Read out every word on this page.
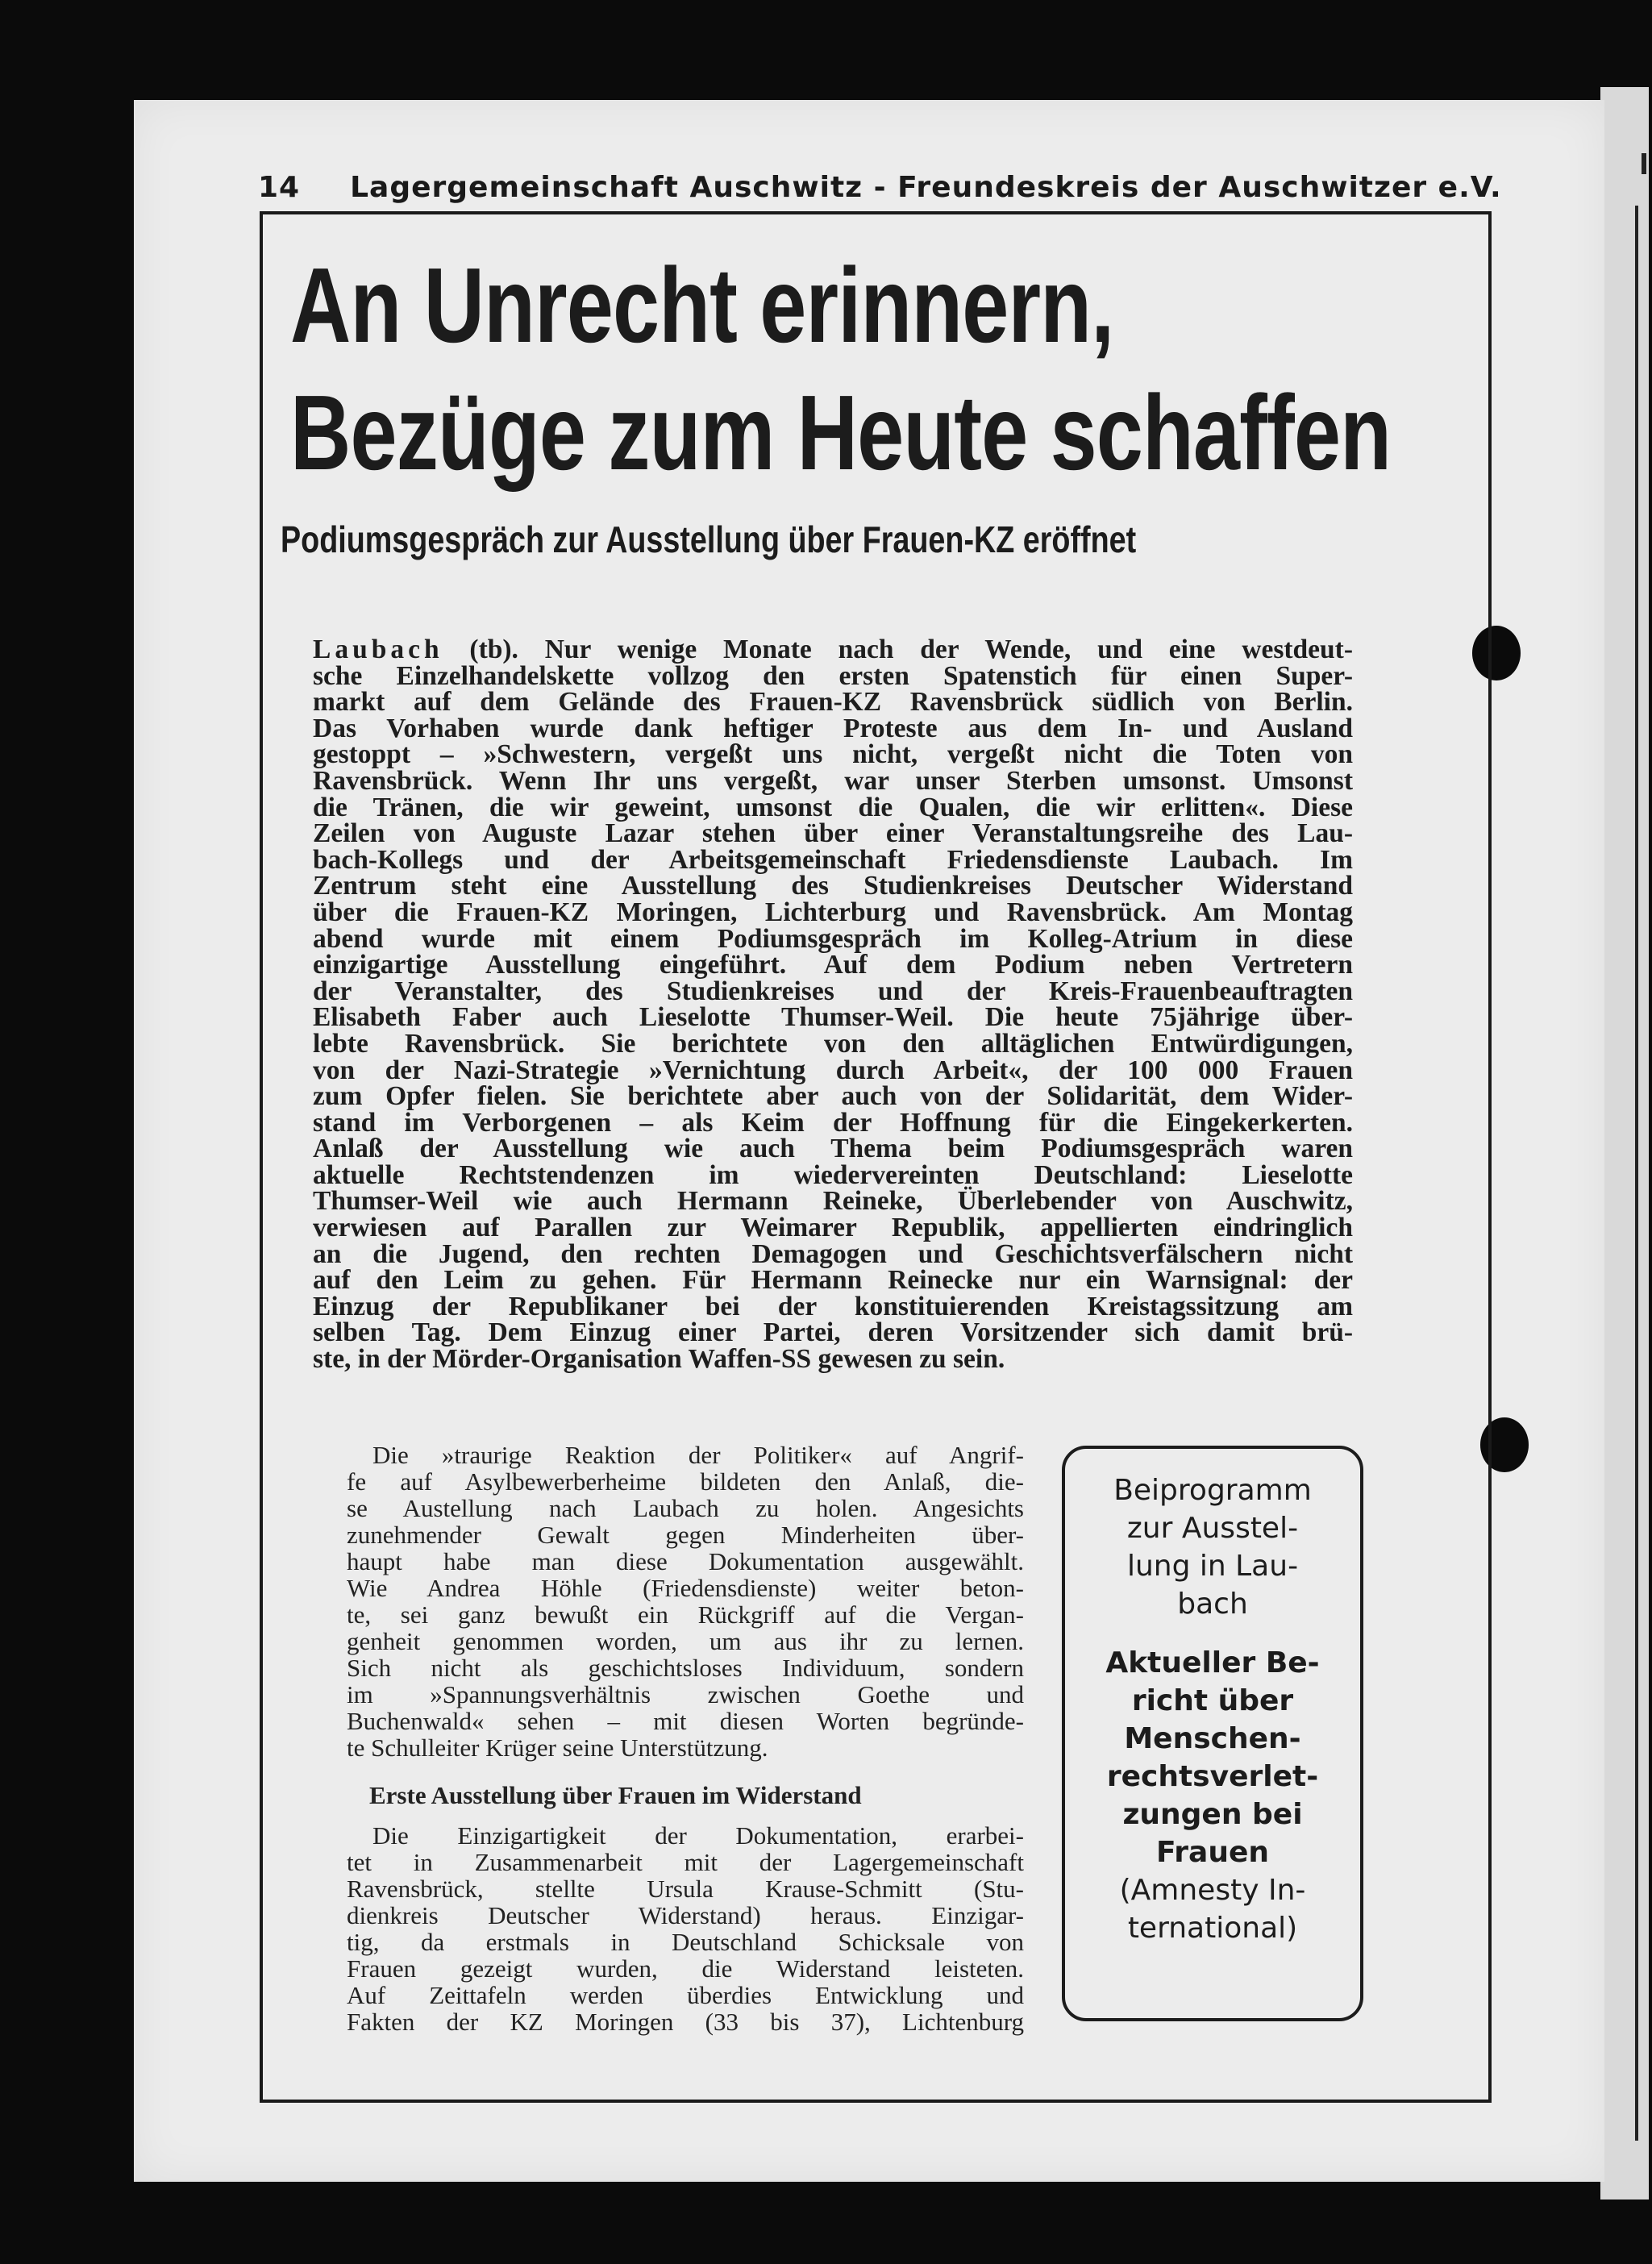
14 Lagergemeinschaft Auschwitz - Freundeskreis der Auschwitzer e.V.
An Unrecht erinnern,
Bezüge zum Heute schaffen
Podiumsgespräch zur Ausstellung über Frauen-KZ eröffnet
Laubach (tb). Nur wenige Monate nach der Wende, und eine westdeut-
sche Einzelhandelskette vollzog den ersten Spatenstich für einen Super-
markt auf dem Gelände des Frauen-KZ Ravensbrück südlich von Berlin.
Das Vorhaben wurde dank heftiger Proteste aus dem In- und Ausland
gestoppt – »Schwestern, vergeßt uns nicht, vergeßt nicht die Toten von
Ravensbrück. Wenn Ihr uns vergeßt, war unser Sterben umsonst. Umsonst
die Tränen, die wir geweint, umsonst die Qualen, die wir erlitten«. Diese
Zeilen von Auguste Lazar stehen über einer Veranstaltungsreihe des Lau-
bach-Kollegs und der Arbeitsgemeinschaft Friedensdienste Laubach. Im
Zentrum steht eine Ausstellung des Studienkreises Deutscher Widerstand
über die Frauen-KZ Moringen, Lichterburg und Ravensbrück. Am Montag
abend wurde mit einem Podiumsgespräch im Kolleg-Atrium in diese
einzigartige Ausstellung eingeführt. Auf dem Podium neben Vertretern
der Veranstalter, des Studienkreises und der Kreis-Frauenbeauftragten
Elisabeth Faber auch Lieselotte Thumser-Weil. Die heute 75jährige über-
lebte Ravensbrück. Sie berichtete von den alltäglichen Entwürdigungen,
von der Nazi-Strategie »Vernichtung durch Arbeit«, der 100 000 Frauen
zum Opfer fielen. Sie berichtete aber auch von der Solidarität, dem Wider-
stand im Verborgenen – als Keim der Hoffnung für die Eingekerkerten.
Anlaß der Ausstellung wie auch Thema beim Podiumsgespräch waren
aktuelle Rechtstendenzen im wiedervereinten Deutschland: Lieselotte
Thumser-Weil wie auch Hermann Reineke, Überlebender von Auschwitz,
verwiesen auf Parallen zur Weimarer Republik, appellierten eindringlich
an die Jugend, den rechten Demagogen und Geschichtsverfälschern nicht
auf den Leim zu gehen. Für Hermann Reinecke nur ein Warnsignal: der
Einzug der Republikaner bei der konstituierenden Kreistagssitzung am
selben Tag. Dem Einzug einer Partei, deren Vorsitzender sich damit brü-
ste, in der Mörder-Organisation Waffen-SS gewesen zu sein.
Die »traurige Reaktion der Politiker« auf Angrif-
fe auf Asylbewerberheime bildeten den Anlaß, die-
se Austellung nach Laubach zu holen. Angesichts
zunehmender Gewalt gegen Minderheiten über-
haupt habe man diese Dokumentation ausgewählt.
Wie Andrea Höhle (Friedensdienste) weiter beton-
te, sei ganz bewußt ein Rückgriff auf die Vergan-
genheit genommen worden, um aus ihr zu lernen.
Sich nicht als geschichtsloses Individuum, sondern
im »Spannungsverhältnis zwischen Goethe und
Buchenwald« sehen – mit diesen Worten begründe-
te Schulleiter Krüger seine Unterstützung.
Erste Ausstellung über Frauen im Widerstand
Die Einzigartigkeit der Dokumentation, erarbei-
tet in Zusammenarbeit mit der Lagergemeinschaft
Ravensbrück, stellte Ursula Krause-Schmitt (Stu-
dienkreis Deutscher Widerstand) heraus. Einzigar-
tig, da erstmals in Deutschland Schicksale von
Frauen gezeigt wurden, die Widerstand leisteten.
Auf Zeittafeln werden überdies Entwicklung und
Fakten der KZ Moringen (33 bis 37), Lichtenburg
Beiprogramm
zur Ausstel-
lung in Lau-
bach
Aktueller Be-
richt über
Menschen-
rechtsverlet-
zungen bei
Frauen
(Amnesty In-
ternational)
